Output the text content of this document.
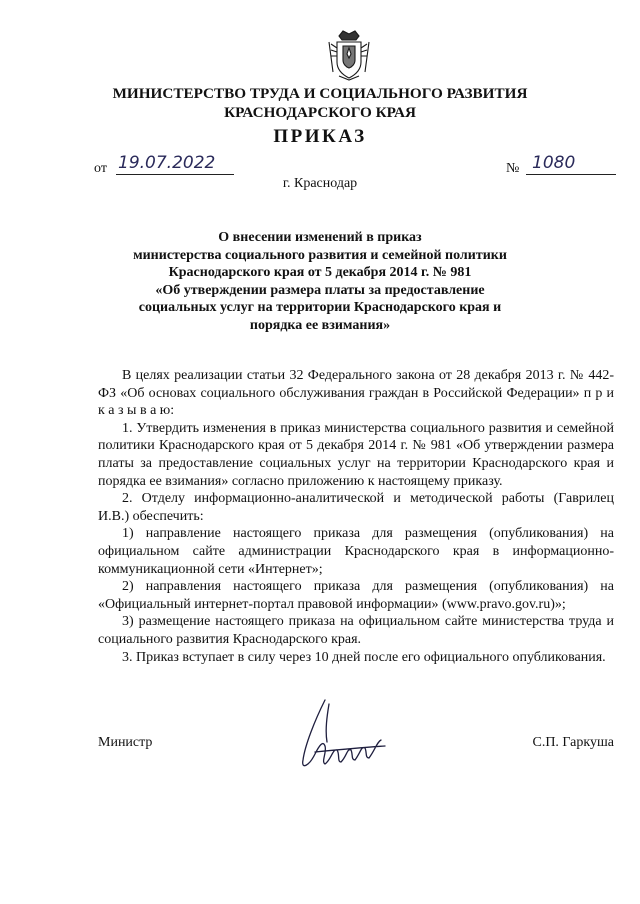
МИНИСТЕРСТВО ТРУДА И СОЦИАЛЬНОГО РАЗВИТИЯ
КРАСНОДАРСКОГО КРАЯ
ПРИКАЗ
от 19.07.2022	№ 1080
г. Краснодар
О внесении изменений в приказ
министерства социального развития и семейной политики
Краснодарского края от 5 декабря 2014 г. № 981
«Об утверждении размера платы за предоставление
социальных услуг на территории Краснодарского края и
порядка ее взимания»

В целях реализации статьи 32 Федерального закона от 28 декабря 2013 г. № 442-ФЗ «Об основах социального обслуживания граждан в Российской Федерации» п р и к а з ы в а ю:

1. Утвердить изменения в приказ министерства социального развития и семейной политики Краснодарского края от 5 декабря 2014 г. № 981 «Об утверждении размера платы за предоставление социальных услуг на территории Краснодарского края и порядка ее взимания» согласно приложению к настоящему приказу.

2. Отделу информационно-аналитической и методической работы (Гаврилец И.В.) обеспечить:

1) направление настоящего приказа для размещения (опубликования) на официальном сайте администрации Краснодарского края в информационно-коммуникационной сети «Интернет»;

2) направления настоящего приказа для размещения (опубликования) на «Официальный интернет-портал правовой информации» (www.pravo.gov.ru)»;

3) размещение настоящего приказа на официальном сайте министерства труда и социального развития Краснодарского края.

3. Приказ вступает в силу через 10 дней после его официального опубликования.

Министр	С.П. Гаркуша
